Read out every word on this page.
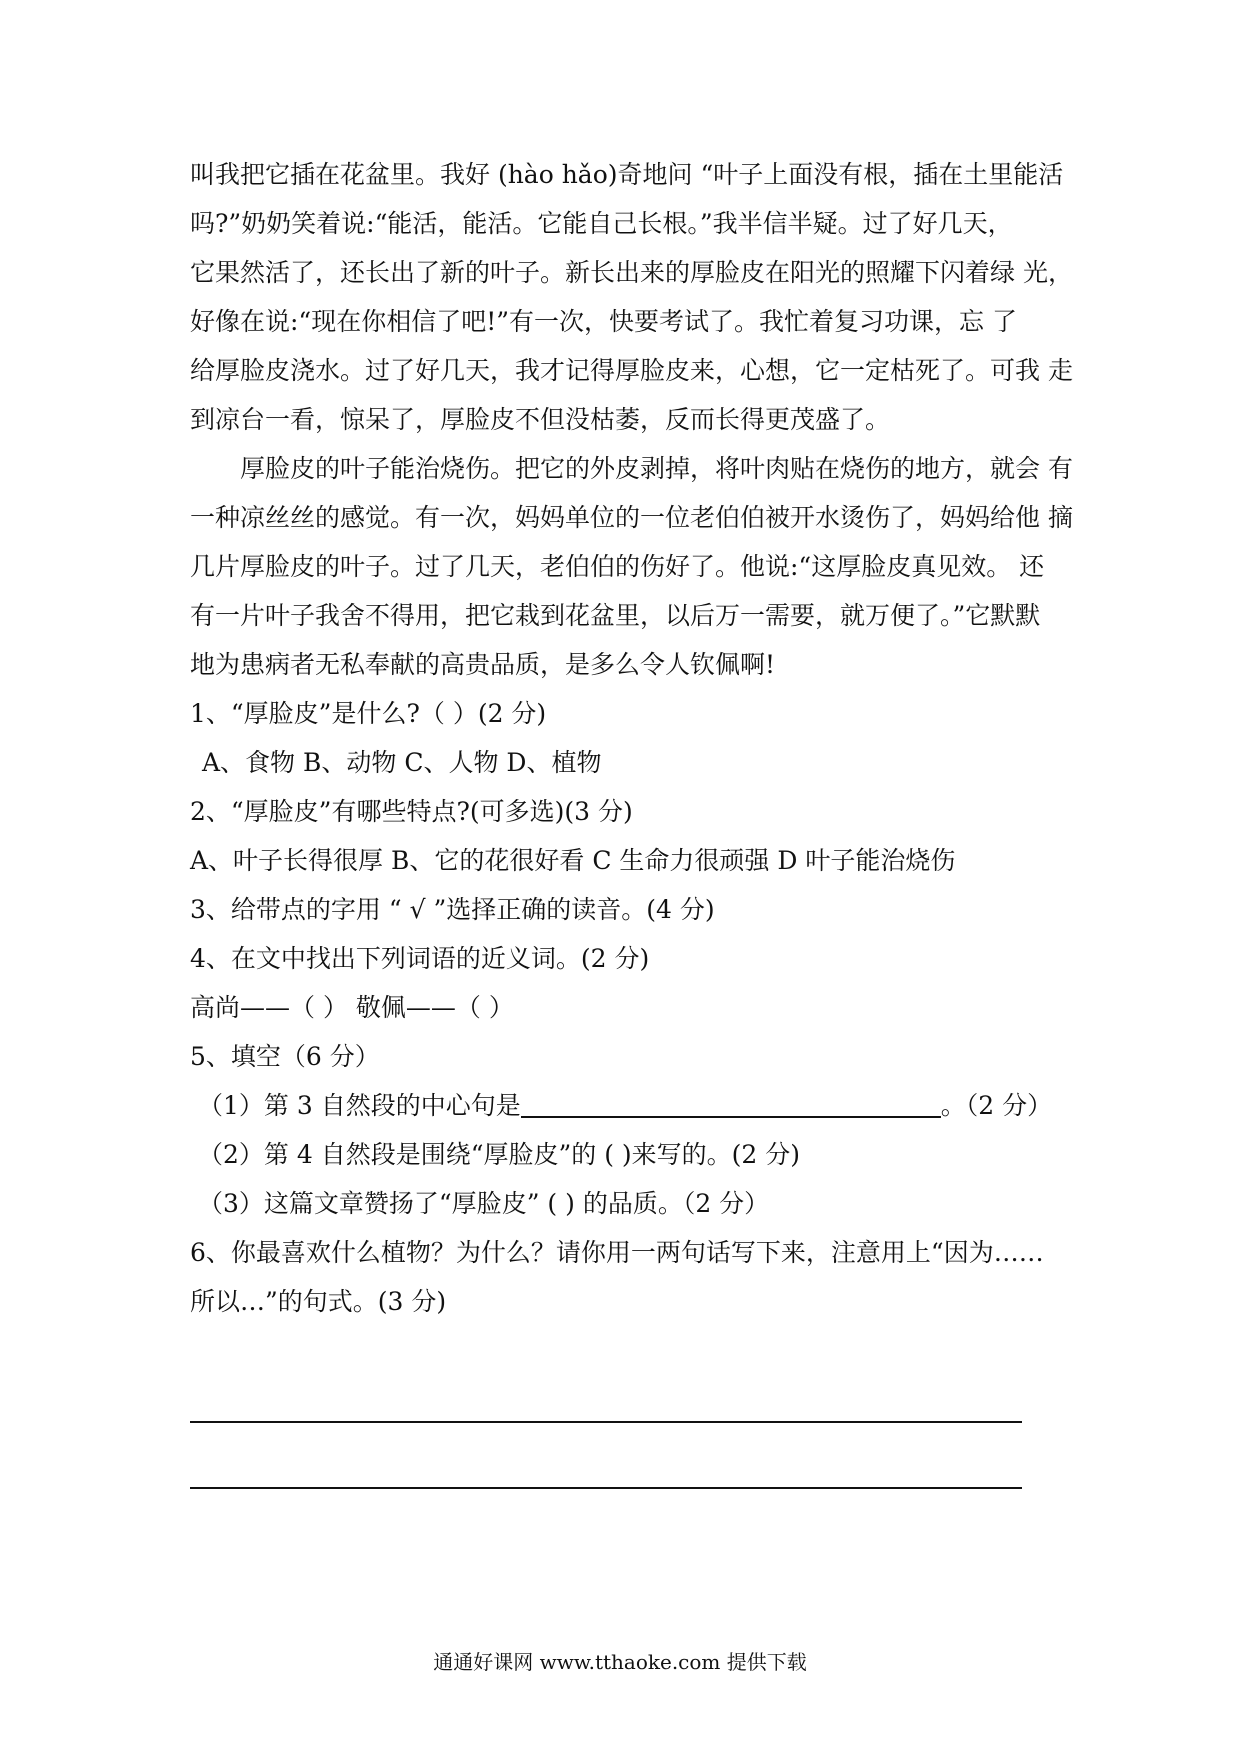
叫我把它插在花盆里。我好 (hào hǎo)奇地问 “叶子上面没有根，插在土里能活
吗?”奶奶笑着说:“能活，能活。它能自己长根。”我半信半疑。过了好几天，
它果然活了，还长出了新的叶子。新长出来的厚脸皮在阳光的照耀下闪着绿 光，
好像在说:“现在你相信了吧!”有一次，快要考试了。我忙着复习功课，忘 了
给厚脸皮浇水。过了好几天，我才记得厚脸皮来，心想，它一定枯死了。可我 走
到凉台一看，惊呆了，厚脸皮不但没枯萎，反而长得更茂盛了。
厚脸皮的叶子能治烧伤。把它的外皮剥掉，将叶肉贴在烧伤的地方，就会 有
一种凉丝丝的感觉。有一次，妈妈单位的一位老伯伯被开水烫伤了，妈妈给他 摘
几片厚脸皮的叶子。过了几天，老伯伯的伤好了。他说:“这厚脸皮真见效。 还
有一片叶子我舍不得用，把它栽到花盆里，以后万一需要，就万便了。”它默默
地为患病者无私奉献的高贵品质，是多么令人钦佩啊!
1、“厚脸皮”是什么?（ ）(2 分)
A、食物 B、动物 C、人物 D、植物
2、“厚脸皮”有哪些特点?(可多选)(3 分)
A、叶子长得很厚 B、它的花很好看 C 生命力很顽强 D 叶子能治烧伤
3、给带点的字用 “ √ ”选择正确的读音。(4 分)
4、在文中找出下列词语的近义词。(2 分)
高尚——（ ） 敬佩——（ ）
5、填空（6 分）
（1）第 3 自然段的中心句是	。（2 分）
（2）第 4 自然段是围绕“厚脸皮”的 ( )来写的。(2 分)
（3）这篇文章赞扬了“厚脸皮” ( ) 的品质。（2 分）
6、你最喜欢什么植物？为什么？请你用一两句话写下来，注意用上“因为……
所以…”的句式。(3 分)
通通好课网 www.tthaoke.com 提供下载
